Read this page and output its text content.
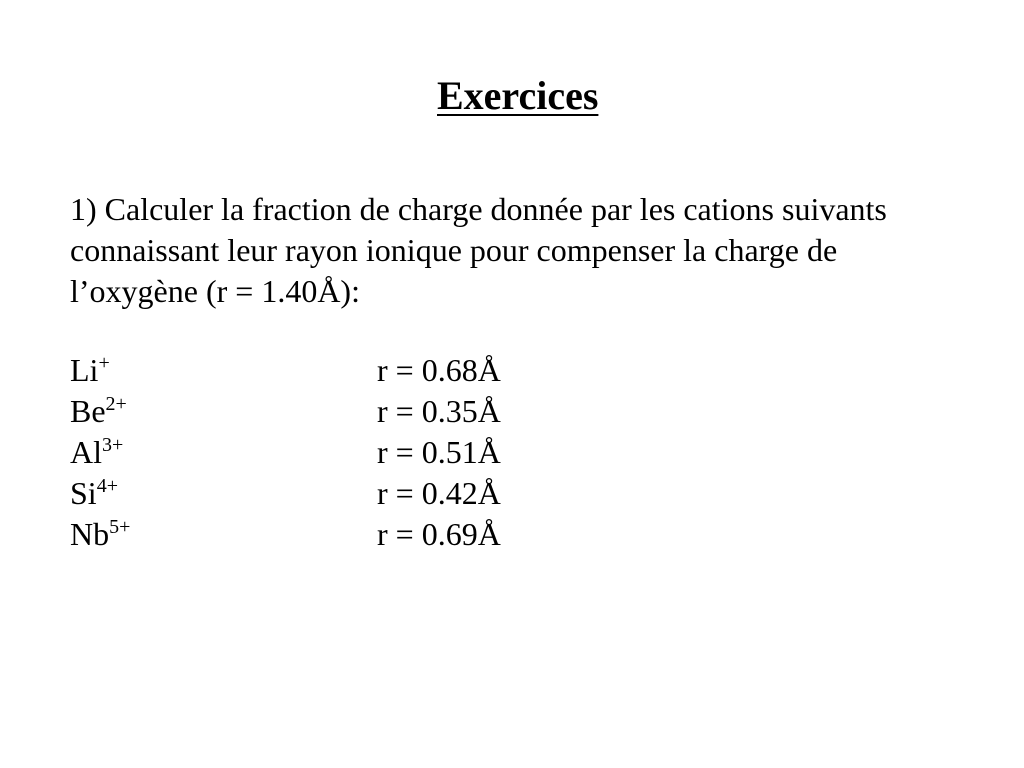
Exercices
1) Calculer la fraction de charge donnée par les cations suivants
connaissant leur rayon ionique pour compenser la charge de
l’oxygène (r = 1.40Å):
Li+	r = 0.68Å
$Be^{2+}$	r = 0.35Å
$Al^{3+}$	r = 0.51Å
$Si^{4+}$	r = 0.42Å
$Nb^{5+}$	r = 0.69Å
